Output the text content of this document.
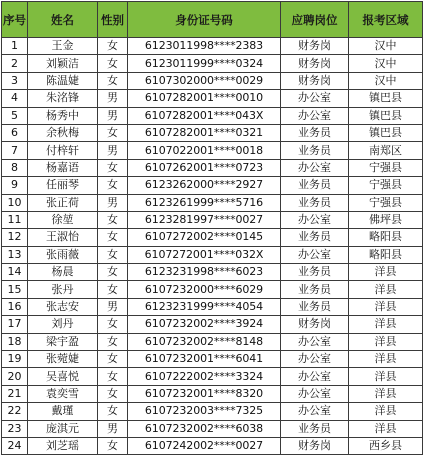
序号	姓名	性别	身份证号码	应聘岗位	报考区域
1	王金	女	6123011998****2383	财务岗	汉中
2	刘颖洁	女	6123011999****0324	财务岗	汉中
3	陈温婕	女	6107302000****0029	财务岗	汉中
4	朱洺锋	男	6107282001****0010	办公室	镇巴县
5	杨秀中	男	6107282001****043X	办公室	镇巴县
6	余秋梅	女	6107282001****0321	业务员	镇巴县
7	付梓轩	男	6107022001****0018	业务员	南郑区
8	杨嘉语	女	6107262001****0723	办公室	宁强县
9	任丽琴	女	6123262000****2927	业务员	宁强县
10	张正荷	男	6123261999****5716	业务员	宁强县
11	徐堃	女	6123281997****0027	办公室	佛坪县
12	王淑怡	女	6107272002****0145	业务员	略阳县
13	张雨薇	女	6107272001****032X	办公室	略阳县
14	杨晨	女	6123231998****6023	业务员	洋县
15	张丹	女	6107232000****6029	业务员	洋县
16	张志安	男	6123231999****4054	业务员	洋县
17	刘丹	女	6107232002****3924	财务岗	洋县
18	梁宇盈	女	6107232002****8148	办公室	洋县
19	张菀婕	女	6107232001****6041	办公室	洋县
20	吴喜悦	女	6107222002****3324	办公室	洋县
21	袁奕雪	女	6107232001****8320	办公室	洋县
22	戴瑾	女	6107232003****7325	办公室	洋县
23	庞淇元	男	6107232002****6038	业务员	洋县
24	刘芝瑶	女	6107242002****0027	财务岗	西乡县
